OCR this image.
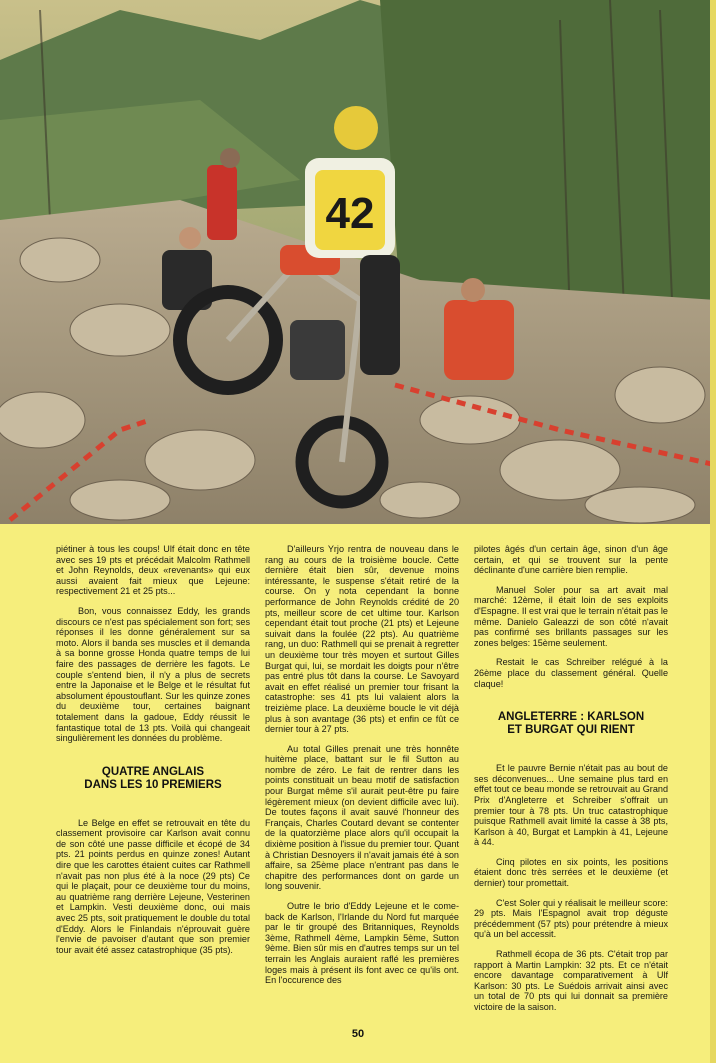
42

piétiner à tous les coups! Ulf était donc en tête avec ses 19 pts et précédait Malcolm Rathmell et John Reynolds, deux «revenants» qui eux aussi avaient fait mieux que Lejeune: respectivement 21 et 25 pts...

Bon, vous connaissez Eddy, les grands discours ce n'est pas spécialement son fort; ses réponses il les donne généralement sur sa moto. Alors il banda ses muscles et il demanda à sa bonne grosse Honda quatre temps de lui faire des passages de derrière les fagots. Le couple s'entend bien, il n'y a plus de secrets entre la Japonaise et le Belge et le résultat fut absolument époustouflant. Sur les quinze zones du deuxième tour, certaines baignant totalement dans la gadoue, Eddy réussit le fantastique total de 13 pts. Voilà qui changeait singulièrement les données du problème.

QUATRE ANGLAIS
DANS LES 10 PREMIERS

Le Belge en effet se retrouvait en tête du classement provisoire car Karlson avait connu de son côté une passe difficile et écopé de 34 pts. 21 points perdus en quinze zones! Autant dire que les carottes étaient cuites car Rathmell n'avait pas non plus été à la noce (29 pts) Ce qui le plaçait, pour ce deuxième tour du moins, au quatrième rang derrière Lejeune, Vesterinen et Lampkin. Vesti deuxième donc, oui mais avec 25 pts, soit pratiquement le double du total d'Eddy. Alors le Finlandais n'éprouvait guère l'envie de pavoiser d'autant que son premier tour avait été assez catastrophique (35 pts).

D'ailleurs Yrjo rentra de nouveau dans le rang au cours de la troisième boucle. Cette dernière était bien sûr, devenue moins intéressante, le suspense s'était retiré de la course. On y nota cependant la bonne performance de John Reynolds crédité de 20 pts, meilleur score de cet ultime tour. Karlson cependant était tout proche (21 pts) et Lejeune suivait dans la foulée (22 pts). Au quatrième rang, un duo: Rathmell qui se prenait à regretter un deuxième tour très moyen et surtout Gilles Burgat qui, lui, se mordait les doigts pour n'être pas entré plus tôt dans la course. Le Savoyard avait en effet réalisé un premier tour frisant la catastrophe: ses 41 pts lui valaient alors la treizième place. La deuxième boucle le vit déjà plus à son avantage (36 pts) et enfin ce fût ce dernier tour à 27 pts.

Au total Gilles prenait une très honnête huitème place, battant sur le fil Sutton au nombre de zéro. Le fait de rentrer dans les points constituait un beau motif de satisfaction pour Burgat même s'il aurait peut-être pu faire légèrement mieux (on devient difficile avec lui). De toutes façons il avait sauvé l'honneur des Français, Charles Coutard devant se contenter de la quatorzième place alors qu'il occupait la dixième position à l'issue du premier tour. Quant à Christian Desnoyers il n'avait jamais été à son affaire, sa 25ème place n'entrant pas dans le chapitre des performances dont on garde un long souvenir.

Outre le brio d'Eddy Lejeune et le come-back de Karlson, l'Irlande du Nord fut marquée par le tir groupé des Britanniques, Reynolds 3ème, Rathmell 4ème, Lampkin 5ème, Sutton 9ème. Bien sûr mis en d'autres temps sur un tel terrain les Anglais auraient raflé les premières loges mais à présent ils font avec ce qu'ils ont. En l'occurence des

pilotes âgés d'un certain âge, sinon d'un âge certain, et qui se trouvent sur la pente déclinante d'une carrière bien remplie.

Manuel Soler pour sa art avait mal marché: 12ème, il était loin de ses exploits d'Espagne. Il est vrai que le terrain n'était pas le même. Danielo Galeazzi de son côté n'avait pas confirmé ses brillants passages sur les zones belges: 15ème seulement.

Restait le cas Schreiber relégué à la 26ème place du classement général. Quelle claque!

ANGLETERRE : KARLSON
ET BURGAT QUI RIENT

Et le pauvre Bernie n'était pas au bout de ses déconvenues... Une semaine plus tard en effet tout ce beau monde se retrouvait au Grand Prix d'Angleterre et Schreiber s'offrait un premier tour à 78 pts. Un truc catastrophique puisque Rathmell avait limité la casse à 38 pts, Karlson à 40, Burgat et Lampkin à 41, Lejeune à 44.

Cinq pilotes en six points, les positions étaient donc très serrées et le deuxième (et dernier) tour promettait.

C'est Soler qui y réalisait le meilleur score: 29 pts. Mais l'Espagnol avait trop déguste précédemment (57 pts) pour prétendre à mieux qu'à un bel accessit.

Rathmell écopa de 36 pts. C'était trop par rapport à Martin Lampkin: 32 pts. Et ce n'était encore davantage comparativement à Ulf Karlson: 30 pts. Le Suédois arrivait ainsi avec un total de 70 pts qui lui donnait sa première victoire de la saison.

50
